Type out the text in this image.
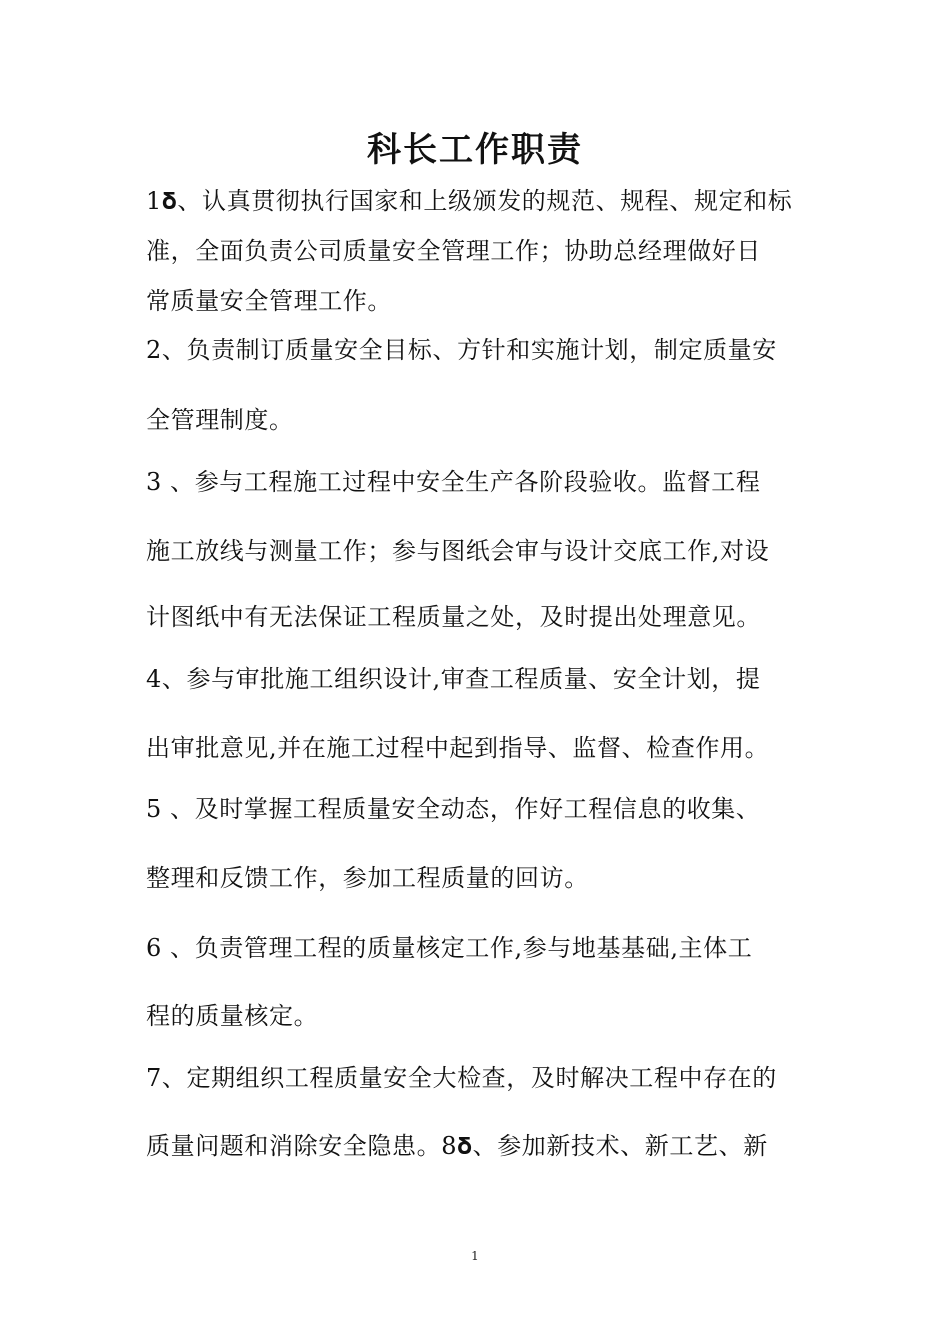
科长工作职责
1𝛅、认真贯彻执行国家和上级颁发的规范、规程、规定和标
准，全面负责公司质量安全管理工作；协助总经理做好日
常质量安全管理工作。
2、负责制订质量安全目标、方针和实施计划，制定质量安
全管理制度。
3 、参与工程施工过程中安全生产各阶段验收。监督工程
施工放线与测量工作；参与图纸会审与设计交底工作,对设
计图纸中有无法保证工程质量之处，及时提出处理意见。
4、参与审批施工组织设计,审查工程质量、安全计划，提
出审批意见,并在施工过程中起到指导、监督、检查作用。
5 、及时掌握工程质量安全动态，作好工程信息的收集、
整理和反馈工作，参加工程质量的回访。
6 、负责管理工程的质量核定工作,参与地基基础,主体工
程的质量核定。
7、定期组织工程质量安全大检查，及时解决工程中存在的
质量问题和消除安全隐患。8𝛅、参加新技术、新工艺、新
1
